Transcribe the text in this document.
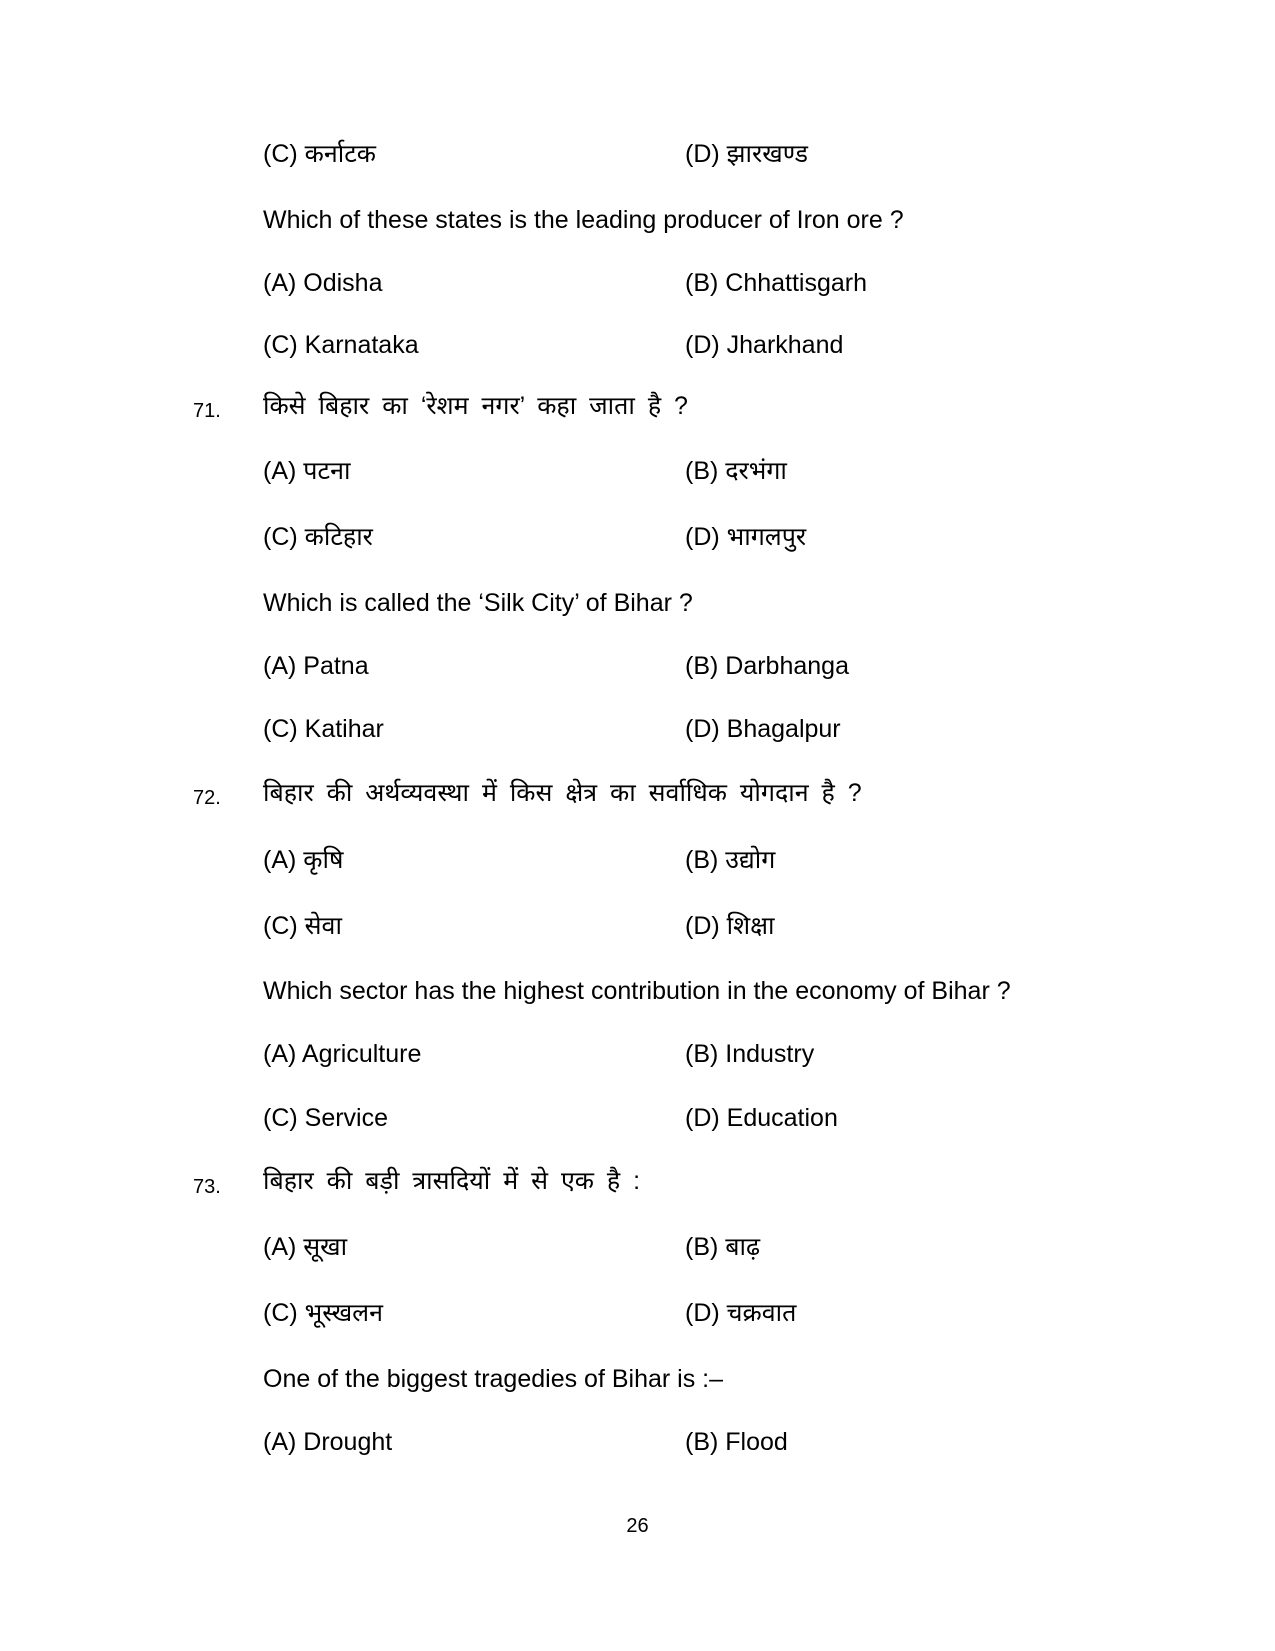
(C) कर्नाटक	(D) झारखण्ड
Which of these states is the leading producer of Iron ore ?
(A) Odisha	(B) Chhattisgarh
(C) Karnataka	(D) Jharkhand
71. किसे बिहार का ‘रेशम नगर’ कहा जाता है ?
(A) पटना	(B) दरभंगा
(C) कटिहार	(D) भागलपुर
Which is called the ‘Silk City’ of Bihar ?
(A) Patna	(B) Darbhanga
(C) Katihar	(D) Bhagalpur
72. बिहार की अर्थव्यवस्था में किस क्षेत्र का सर्वाधिक योगदान है ?
(A) कृषि	(B) उद्योग
(C) सेवा	(D) शिक्षा
Which sector has the highest contribution in the economy of Bihar ?
(A) Agriculture	(B) Industry
(C) Service	(D) Education
73. बिहार की बड़ी त्रासदियों में से एक है :
(A) सूखा	(B) बाढ़
(C) भूस्खलन	(D) चक्रवात
One of the biggest tragedies of Bihar is :–
(A) Drought	(B) Flood
26
